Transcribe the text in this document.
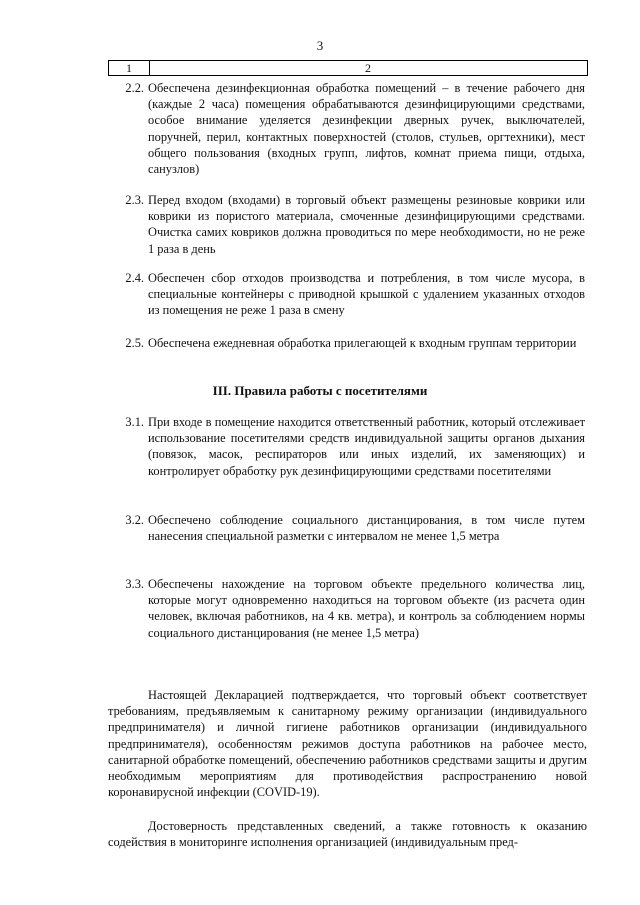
3
1	2
2.2. Обеспечена дезинфекционная обработка помещений – в течение рабочего дня (каждые 2 часа) помещения обрабатываются дезинфицирующими средствами, особое внимание уделяется дезинфекции дверных ручек, выключателей, поручней, перил, контактных поверхностей (столов, стульев, оргтехники), мест общего пользования (входных групп, лифтов, комнат приема пищи, отдыха, санузлов)
2.3. Перед входом (входами) в торговый объект размещены резиновые коврики или коврики из пористого материала, смоченные дезинфицирующими средствами. Очистка самих ковриков должна проводиться по мере необходимости, но не реже 1 раза в день
2.4. Обеспечен сбор отходов производства и потребления, в том числе мусора, в специальные контейнеры с приводной крышкой с удалением указанных отходов из помещения не реже 1 раза в смену
2.5. Обеспечена ежедневная обработка прилегающей к входным группам территории
III. Правила работы с посетителями
3.1. При входе в помещение находится ответственный работник, который отслеживает использование посетителями средств индивидуальной защиты органов дыхания (повязок, масок, респираторов или иных изделий, их заменяющих) и контролирует обработку рук дезинфицирующими средствами посетителями
3.2. Обеспечено соблюдение социального дистанцирования, в том числе путем нанесения специальной разметки с интервалом не менее 1,5 метра
3.3. Обеспечены нахождение на торговом объекте предельного количества лиц, которые могут одновременно находиться на торговом объекте (из расчета один человек, включая работников, на 4 кв. метра), и контроль за соблюдением нормы социального дистанцирования (не менее 1,5 метра)
Настоящей Декларацией подтверждается, что торговый объект соответствует требованиям, предъявляемым к санитарному режиму организации (индивидуального предпринимателя) и личной гигиене работников организации (индивидуального предпринимателя), особенностям режимов доступа работников на рабочее место, санитарной обработке помещений, обеспечению работников средствами защиты и другим необходимым мероприятиям для противодействия распространению новой коронавирусной инфекции (COVID-19).
Достоверность представленных сведений, а также готовность к оказанию содействия в мониторинге исполнения организацией (индивидуальным пред-
